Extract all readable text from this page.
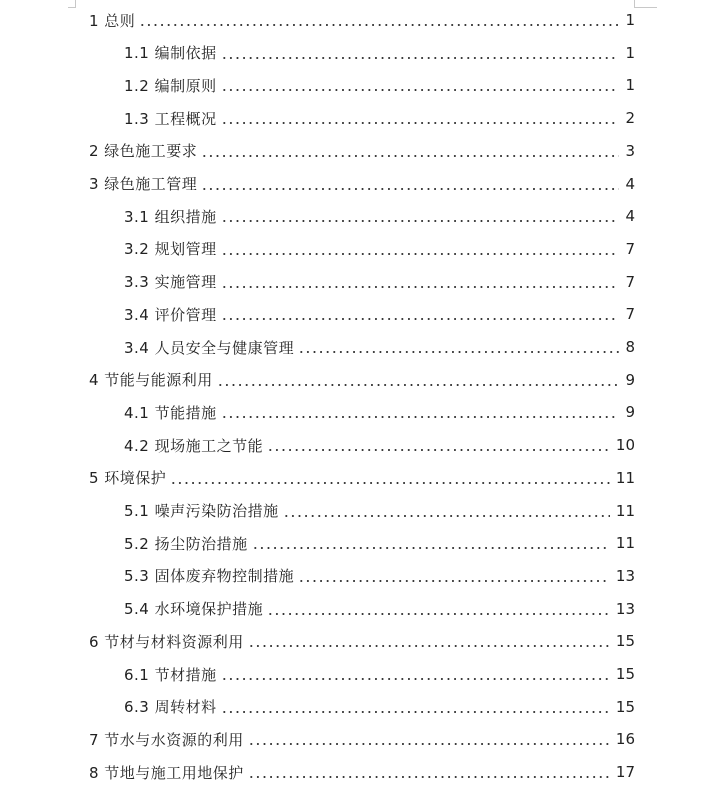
1 总则	1
1.1 编制依据	1
1.2 编制原则	1
1.3 工程概况	2
2 绿色施工要求	3
3 绿色施工管理	4
3.1 组织措施	4
3.2 规划管理	7
3.3 实施管理	7
3.4 评价管理	7
3.4 人员安全与健康管理	8
4 节能与能源利用	9
4.1 节能措施	9
4.2 现场施工之节能	10
5 环境保护	11
5.1 噪声污染防治措施	11
5.2 扬尘防治措施	11
5.3 固体废弃物控制措施	13
5.4 水环境保护措施	13
6 节材与材料资源利用	15
6.1 节材措施	15
6.3 周转材料	15
7 节水与水资源的利用	16
8 节地与施工用地保护	17
